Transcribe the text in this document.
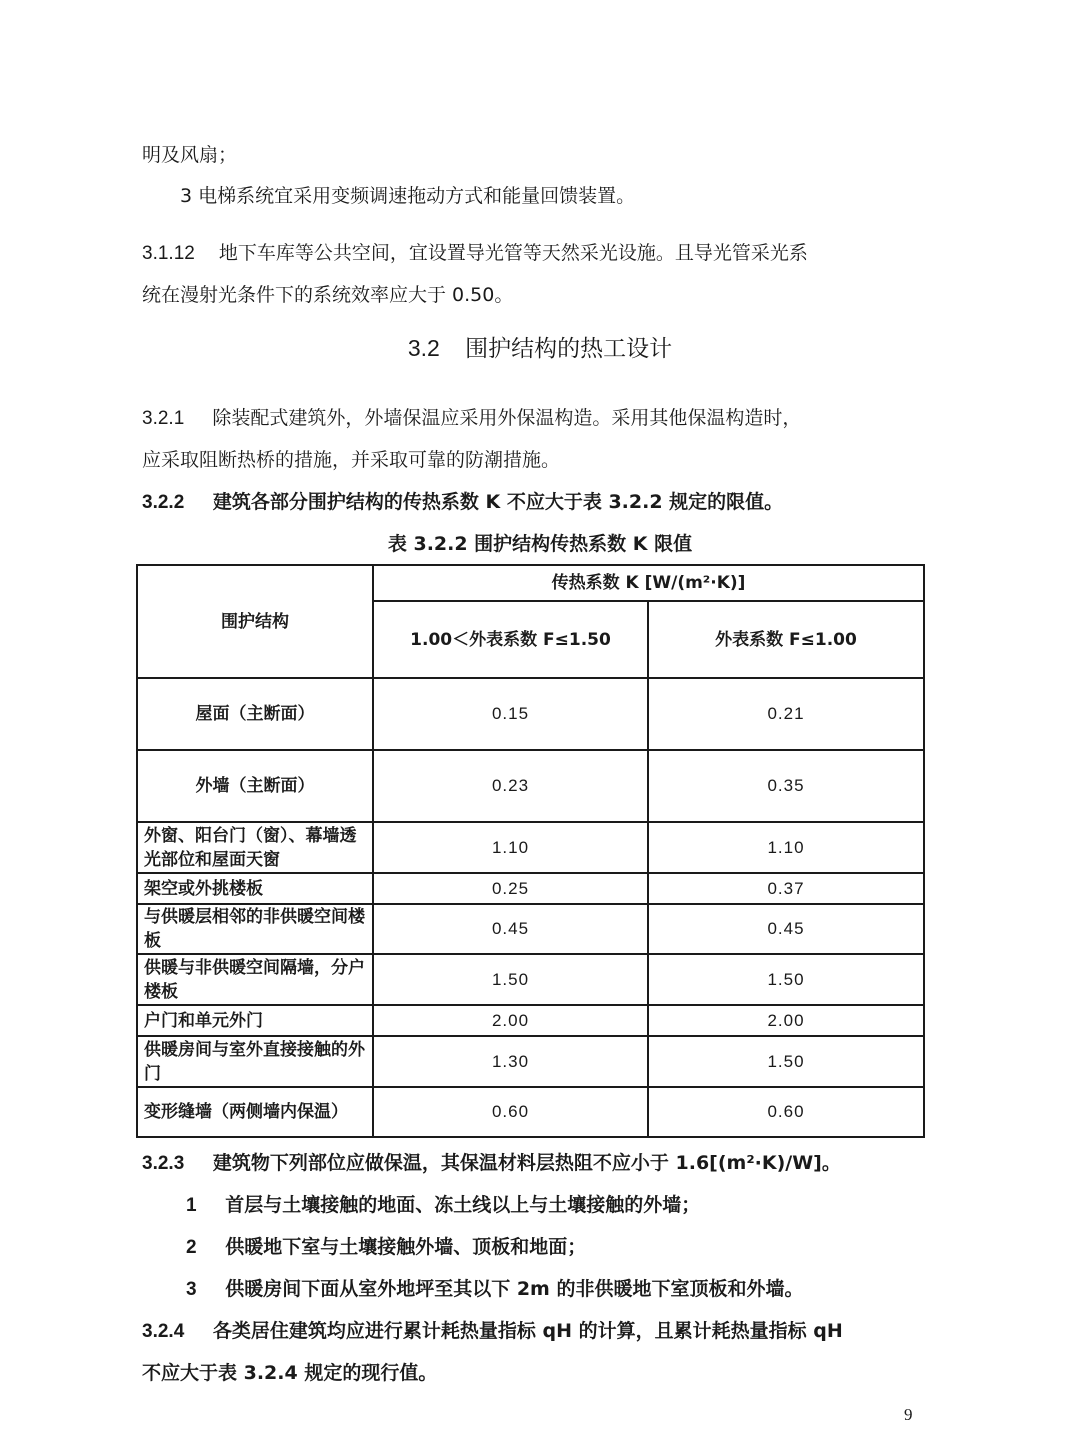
明及风扇；
3 电梯系统宜采用变频调速拖动方式和能量回馈装置。
3.1.12 地下车库等公共空间，宜设置导光管等天然采光设施。且导光管采光系
统在漫射光条件下的系统效率应大于 0.50。
3.2 围护结构的热工设计
3.2.1 除装配式建筑外，外墙保温应采用外保温构造。采用其他保温构造时，
应采取阻断热桥的措施，并采取可靠的防潮措施。
3.2.2 建筑各部分围护结构的传热系数 K 不应大于表 3.2.2 规定的限值。
表 3.2.2 围护结构传热系数 K 限值
围护结构	传热系数 K [W/(m²·K)]	
	1.00＜外表系数 F≤1.50	外表系数 F≤1.00
屋面（主断面）	0.15	0.21
外墙（主断面）	0.23	0.35
外窗、阳台门（窗）、幕墙透光部位和屋面天窗	1.10	1.10
架空或外挑楼板	0.25	0.37
与供暖层相邻的非供暖空间楼板	0.45	0.45
供暖与非供暖空间隔墙，分户楼板	1.50	1.50
户门和单元外门	2.00	2.00
供暖房间与室外直接接触的外门	1.30	1.50
变形缝墙（两侧墙内保温）	0.60	0.60
3.2.3 建筑物下列部位应做保温，其保温材料层热阻不应小于 1.6[(m²·K)/W]。
1 首层与土壤接触的地面、冻土线以上与土壤接触的外墙；
2 供暖地下室与土壤接触外墙、顶板和地面；
3 供暖房间下面从室外地坪至其以下 2m 的非供暖地下室顶板和外墙。
3.2.4 各类居住建筑均应进行累计耗热量指标 qH 的计算，且累计耗热量指标 qH
不应大于表 3.2.4 规定的现行值。
9
